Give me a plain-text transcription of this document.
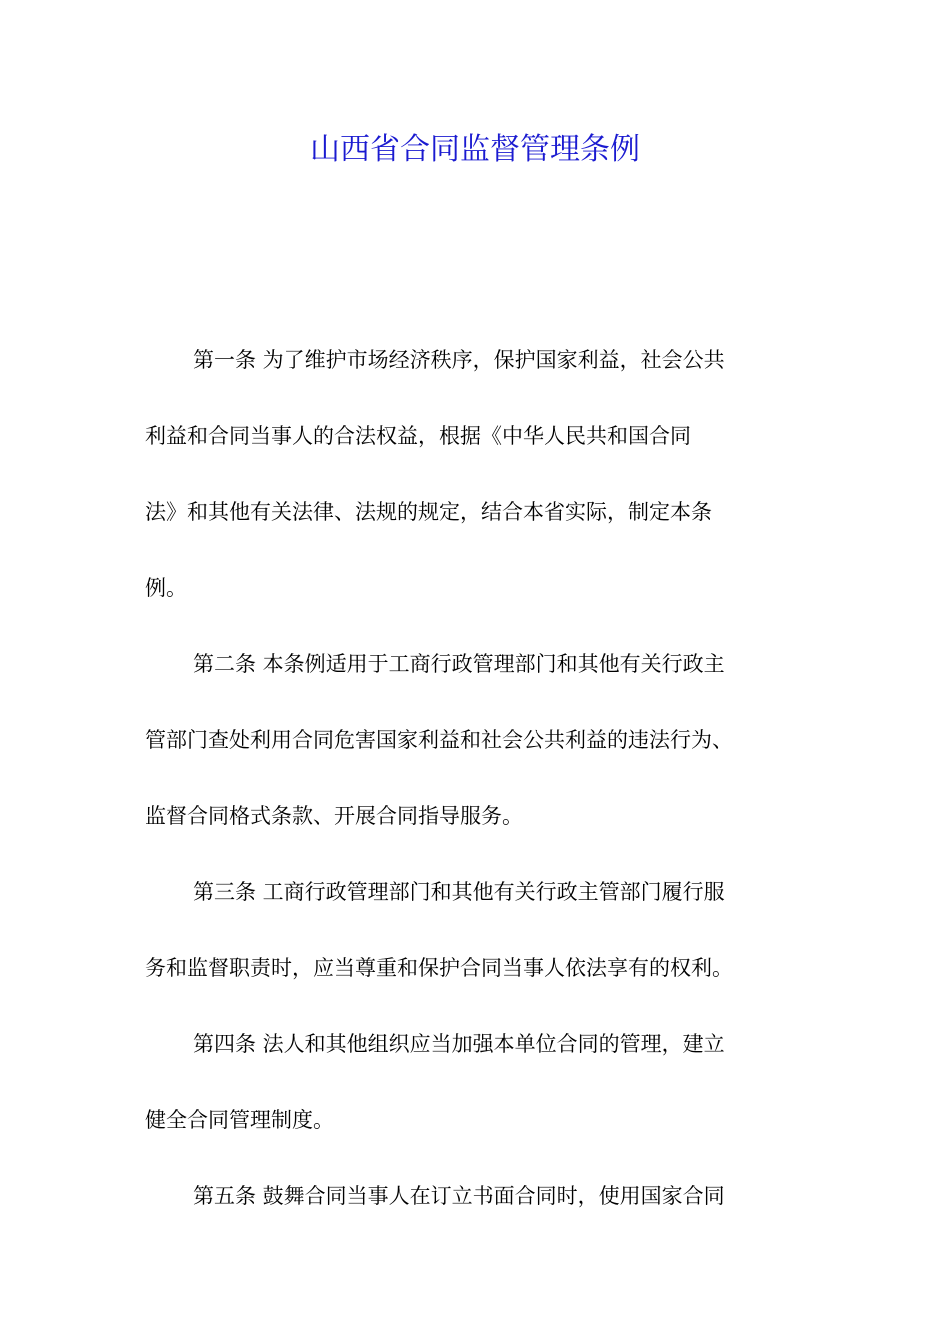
山西省合同监督管理条例
第一条 为了维护市场经济秩序，保护国家利益，社会公共
利益和合同当事人的合法权益，根据《中华人民共和国合同
法》和其他有关法律、法规的规定，结合本省实际，制定本条
例。
第二条 本条例适用于工商行政管理部门和其他有关行政主
管部门查处利用合同危害国家利益和社会公共利益的违法行为、
监督合同格式条款、开展合同指导服务。
第三条 工商行政管理部门和其他有关行政主管部门履行服
务和监督职责时，应当尊重和保护合同当事人依法享有的权利。
第四条 法人和其他组织应当加强本单位合同的管理，建立
健全合同管理制度。
第五条 鼓舞合同当事人在订立书面合同时，使用国家合同
